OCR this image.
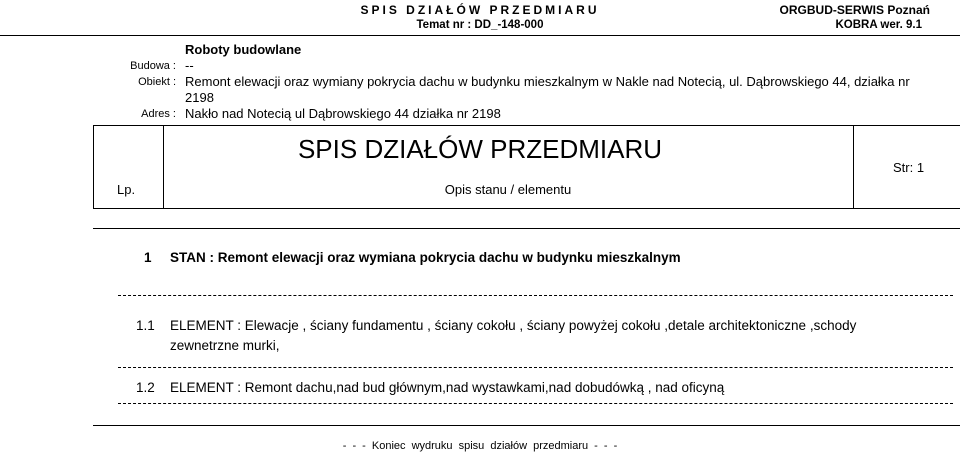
SPIS DZIAŁÓW PRZEDMIARU
Temat nr : DD_-148-000
ORGBUD-SERWIS Poznań
KOBRA wer. 9.1
Roboty budowlane
Budowa : --
Obiekt : Remont elewacji oraz wymiany pokrycia dachu w budynku mieszkalnym w Nakle nad Notecią, ul. Dąbrowskiego 44, działka nr
2198
Adres : Nakło nad Notecią ul Dąbrowskiego 44 działka nr 2198
SPIS DZIAŁÓW PRZEDMIARU
Lp.	Opis stanu / elementu
Str: 1
1 STAN : Remont elewacji oraz wymiana pokrycia dachu w budynku mieszkalnym
1.1 ELEMENT : Elewacje , ściany fundamentu , ściany cokołu , ściany powyżej cokołu ,detale architektoniczne ,schody
zewnetrzne murki,
1.2 ELEMENT : Remont dachu,nad bud głównym,nad wystawkami,nad dobudówką , nad oficyną
- - - Koniec wydruku spisu działów przedmiaru - - -
